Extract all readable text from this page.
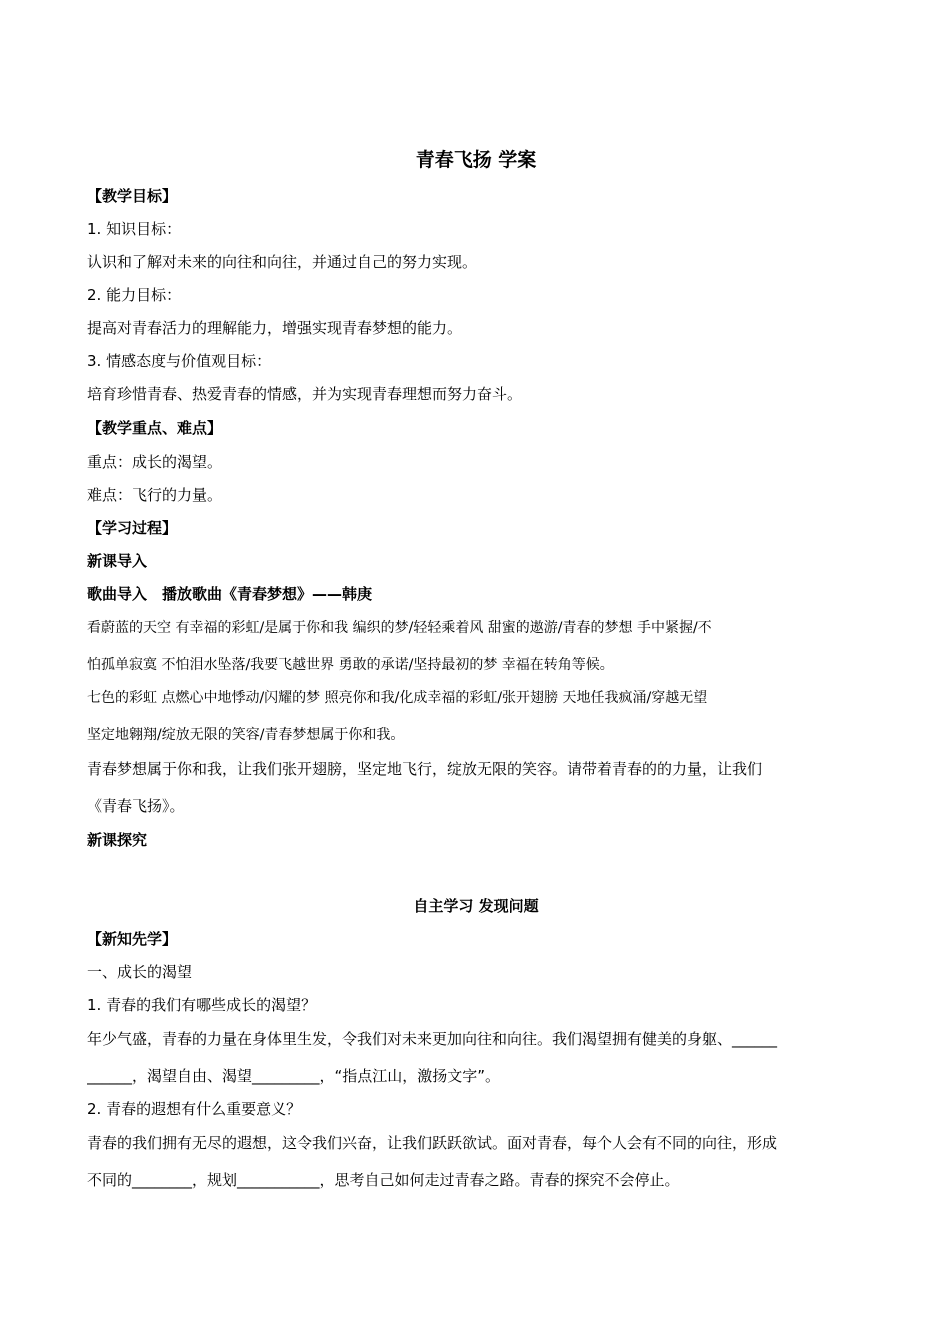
青春飞扬 学案
【教学目标】
1. 知识目标：
认识和了解对未来的向往和向往，并通过自己的努力实现。
2. 能力目标：
提高对青春活力的理解能力，增强实现青春梦想的能力。
3. 情感态度与价值观目标：
培育珍惜青春、热爱青春的情感，并为实现青春理想而努力奋斗。
【教学重点、难点】
重点：成长的渴望。
难点：飞行的力量。
【学习过程】
新课导入
歌曲导入　播放歌曲《青春梦想》——韩庚
看蔚蓝的天空 有幸福的彩虹/是属于你和我 编织的梦/轻轻乘着风 甜蜜的遨游/青春的梦想 手中紧握/不
怕孤单寂寞 不怕泪水坠落/我要飞越世界 勇敢的承诺/坚持最初的梦 幸福在转角等候。
七色的彩虹 点燃心中地悸动/闪耀的梦 照亮你和我/化成幸福的彩虹/张开翅膀 天地任我疯涌/穿越无望
坚定地翱翔/绽放无限的笑容/青春梦想属于你和我。
青春梦想属于你和我，让我们张开翅膀，坚定地飞行，绽放无限的笑容。请带着青春的的力量，让我们
《青春飞扬》。
新课探究
自主学习 发现问题
【新知先学】
一、成长的渴望
1. 青春的我们有哪些成长的渴望？
年少气盛，青春的力量在身体里生发，令我们对未来更加向往和向往。我们渴望拥有健美的身躯、______
______，渴望自由、渴望_________，“指点江山，激扬文字”。
2. 青春的遐想有什么重要意义？
青春的我们拥有无尽的遐想，这令我们兴奋，让我们跃跃欲试。面对青春，每个人会有不同的向往，形成
不同的________，规划___________，思考自己如何走过青春之路。青春的探究不会停止。
